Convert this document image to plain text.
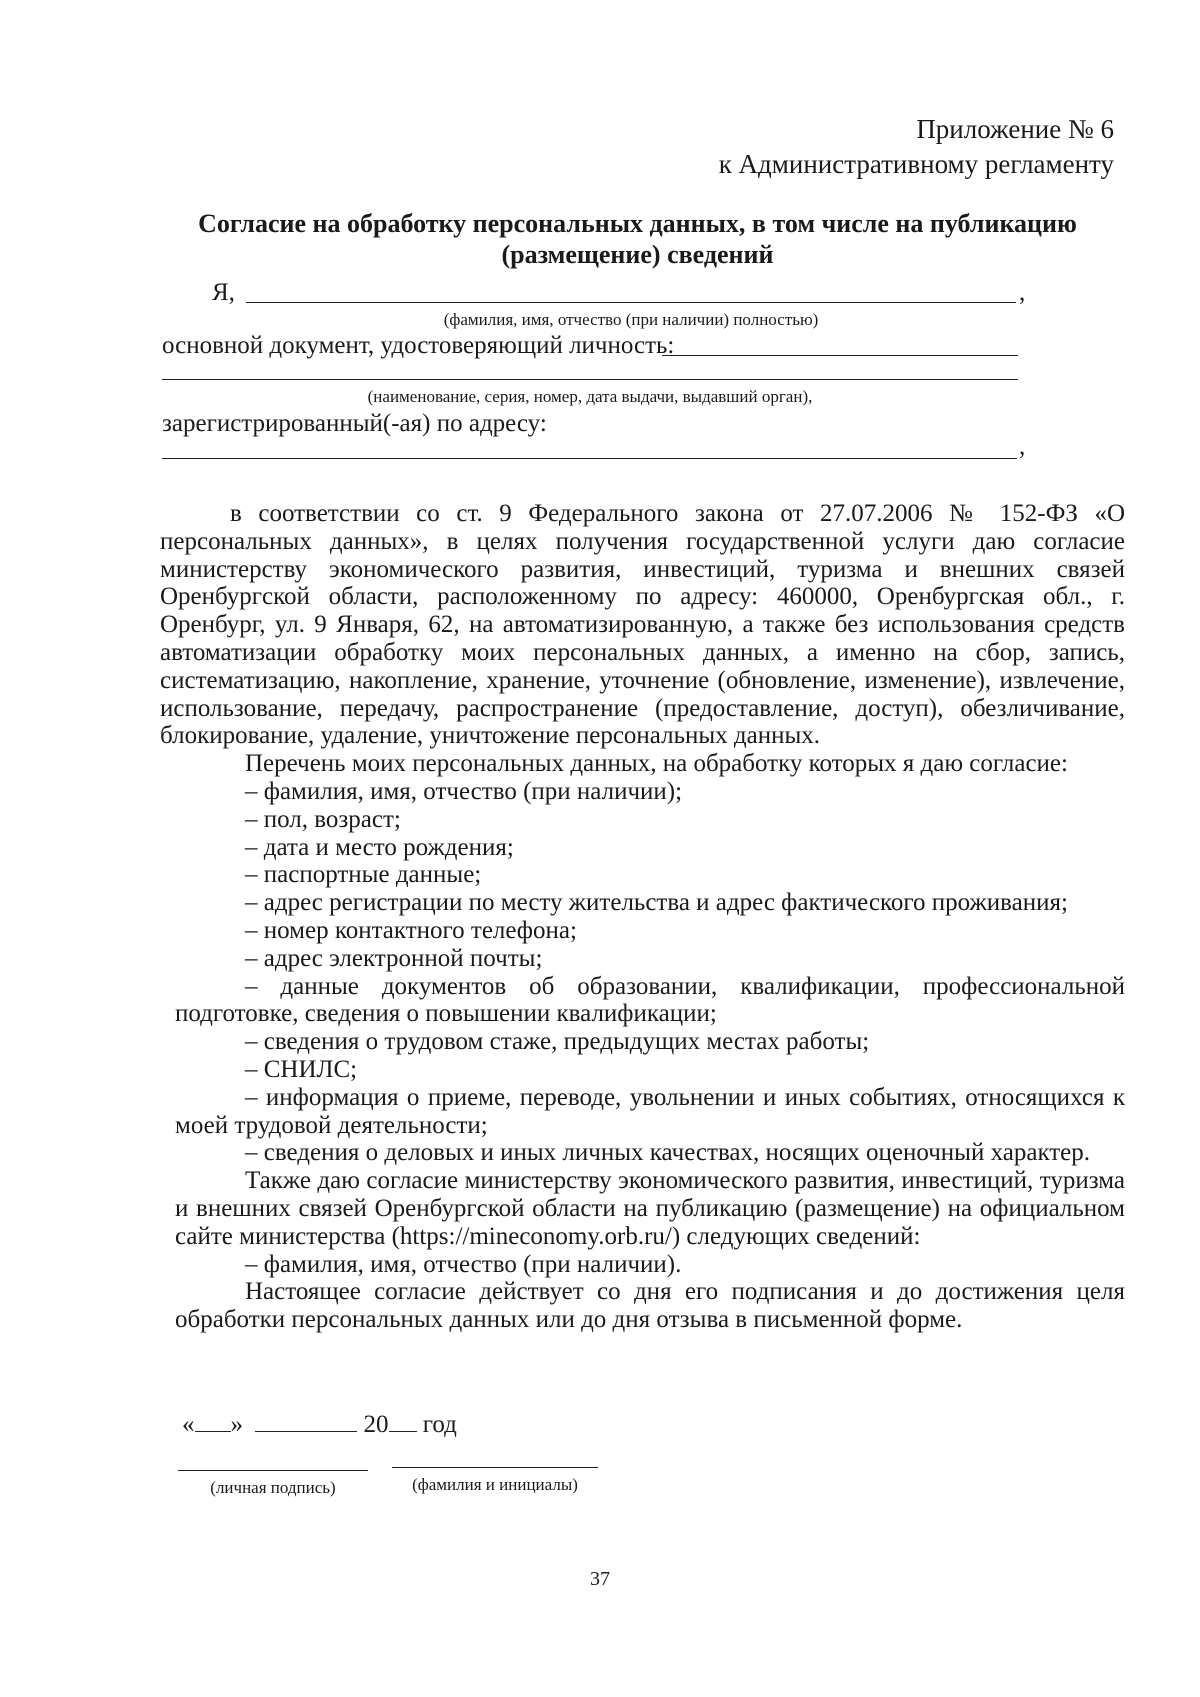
Приложение № 6
к Административному регламенту
Согласие на обработку персональных данных, в том числе на публикацию
(размещение) сведений
Я,	,
(фамилия, имя, отчество (при наличии) полностью)
основной документ, удостоверяющий личность:
(наименование, серия, номер, дата выдачи, выдавший орган),
зарегистрированный(-ая) по адресу:
,

в соответствии со ст. 9 Федерального закона от 27.07.2006 № 152-ФЗ «О персональных данных», в целях получения государственной услуги даю согласие министерству экономического развития, инвестиций, туризма и внешних связей Оренбургской области, расположенному по адресу: 460000, Оренбургская обл., г. Оренбург, ул. 9 Января, 62, на автоматизированную, а также без использования средств автоматизации обработку моих персональных данных, а именно на сбор, запись, систематизацию, накопление, хранение, уточнение (обновление, изменение), извлечение, использование, передачу, распространение (предоставление, доступ), обезличивание, блокирование, удаление, уничтожение персональных данных.

Перечень моих персональных данных, на обработку которых я даю согласие:

– фамилия, имя, отчество (при наличии);

– пол, возраст;

– дата и место рождения;

– паспортные данные;

– адрес регистрации по месту жительства и адрес фактического проживания;

– номер контактного телефона;

– адрес электронной почты;

– данные документов об образовании, квалификации, профессиональной подготовке, сведения о повышении квалификации;

– сведения о трудовом стаже, предыдущих местах работы;

– СНИЛС;

– информация о приеме, переводе, увольнении и иных событиях, относящихся к моей трудовой деятельности;

– сведения о деловых и иных личных качествах, носящих оценочный характер.

Также даю согласие министерству экономического развития, инвестиций, туризма и внешних связей Оренбургской области на публикацию (размещение) на официальном сайте министерства (https://mineconomy.orb.ru/) следующих сведений:

– фамилия, имя, отчество (при наличии).

Настоящее согласие действует со дня его подписания и до достижения целя обработки персональных данных или до дня отзыва в письменной форме.

« »	20 год
(личная подпись)	(фамилия и инициалы)
37
